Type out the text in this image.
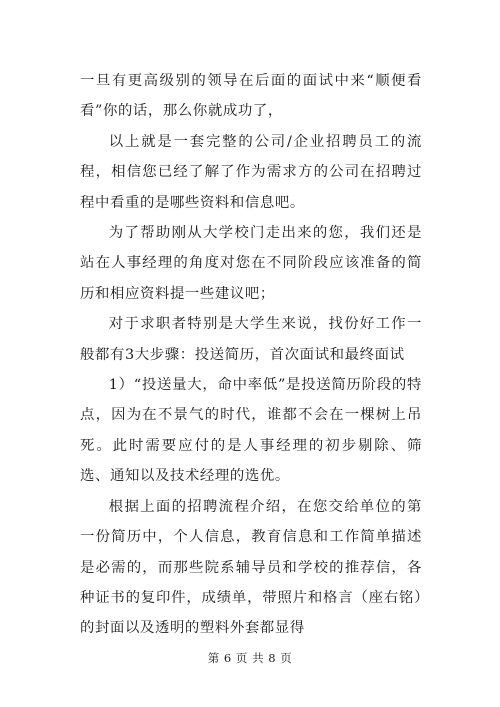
一旦有更高级别的领导在后面的面试中来“顺便看看”你的话，那么你就成功了，

以上就是一套完整的公司/企业招聘员工的流程，相信您已经了解了作为需求方的公司在招聘过程中看重的是哪些资料和信息吧。

为了帮助刚从大学校门走出来的您，我们还是站在人事经理的角度对您在不同阶段应该准备的简历和相应资料提一些建议吧；

对于求职者特别是大学生来说，找份好工作一般都有3大步骤：投送简历，首次面试和最终面试

1）“投送量大，命中率低”是投送简历阶段的特点，因为在不景气的时代，谁都不会在一棵树上吊死。此时需要应付的是人事经理的初步剔除、筛选、通知以及技术经理的选优。

根据上面的招聘流程介绍，在您交给单位的第一份简历中，个人信息，教育信息和工作简单描述是必需的，而那些院系辅导员和学校的推荐信，各种证书的复印件，成绩单，带照片和格言（座右铭）的封面以及透明的塑料外套都显得

第 6 页 共 8 页
